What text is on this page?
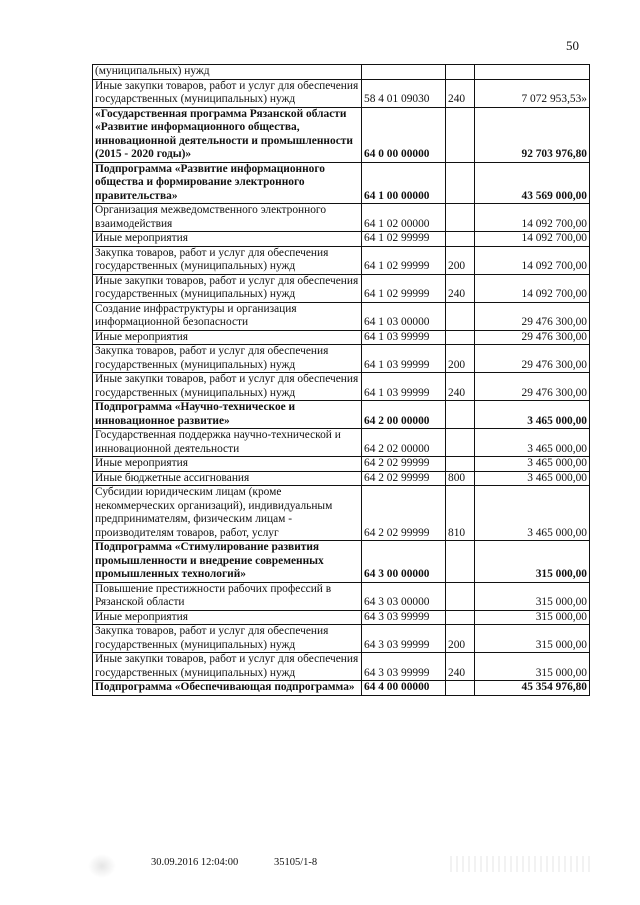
50
(муниципальных) нужд			
Иные закупки товаров, работ и услуг для обеспечения государственных (муниципальных) нужд	58 4 01 09030	240	7 072 953,53»
«Государственная программа Рязанской области «Развитие информационного общества, инновационной деятельности и промышленности (2015 - 2020 годы)»	64 0 00 00000		92 703 976,80
Подпрограмма «Развитие информационного общества и формирование электронного правительства»	64 1 00 00000		43 569 000,00
Организация межведомственного электронного взаимодействия	64 1 02 00000		14 092 700,00
Иные мероприятия	64 1 02 99999		14 092 700,00
Закупка товаров, работ и услуг для обеспечения государственных (муниципальных) нужд	64 1 02 99999	200	14 092 700,00
Иные закупки товаров, работ и услуг для обеспечения государственных (муниципальных) нужд	64 1 02 99999	240	14 092 700,00
Создание инфраструктуры и организация информационной безопасности	64 1 03 00000		29 476 300,00
Иные мероприятия	64 1 03 99999		29 476 300,00
Закупка товаров, работ и услуг для обеспечения государственных (муниципальных) нужд	64 1 03 99999	200	29 476 300,00
Иные закупки товаров, работ и услуг для обеспечения государственных (муниципальных) нужд	64 1 03 99999	240	29 476 300,00
Подпрограмма «Научно-техническое и инновационное развитие»	64 2 00 00000		3 465 000,00
Государственная поддержка научно-технической и инновационной деятельности	64 2 02 00000		3 465 000,00
Иные мероприятия	64 2 02 99999		3 465 000,00
Иные бюджетные ассигнования	64 2 02 99999	800	3 465 000,00
Субсидии юридическим лицам (кроме некоммерческих организаций), индивидуальным предпринимателям, физическим лицам - производителям товаров, работ, услуг	64 2 02 99999	810	3 465 000,00
Подпрограмма «Стимулирование развития промышленности и внедрение современных промышленных технологий»	64 3 00 00000		315 000,00
Повышение престижности рабочих профессий в Рязанской области	64 3 03 00000		315 000,00
Иные мероприятия	64 3 03 99999		315 000,00
Закупка товаров, работ и услуг для обеспечения государственных (муниципальных) нужд	64 3 03 99999	200	315 000,00
Иные закупки товаров, работ и услуг для обеспечения государственных (муниципальных) нужд	64 3 03 99999	240	315 000,00
Подпрограмма «Обеспечивающая подпрограмма»	64 4 00 00000		45 354 976,80
30.09.2016 12:04:00	35105/1-8
